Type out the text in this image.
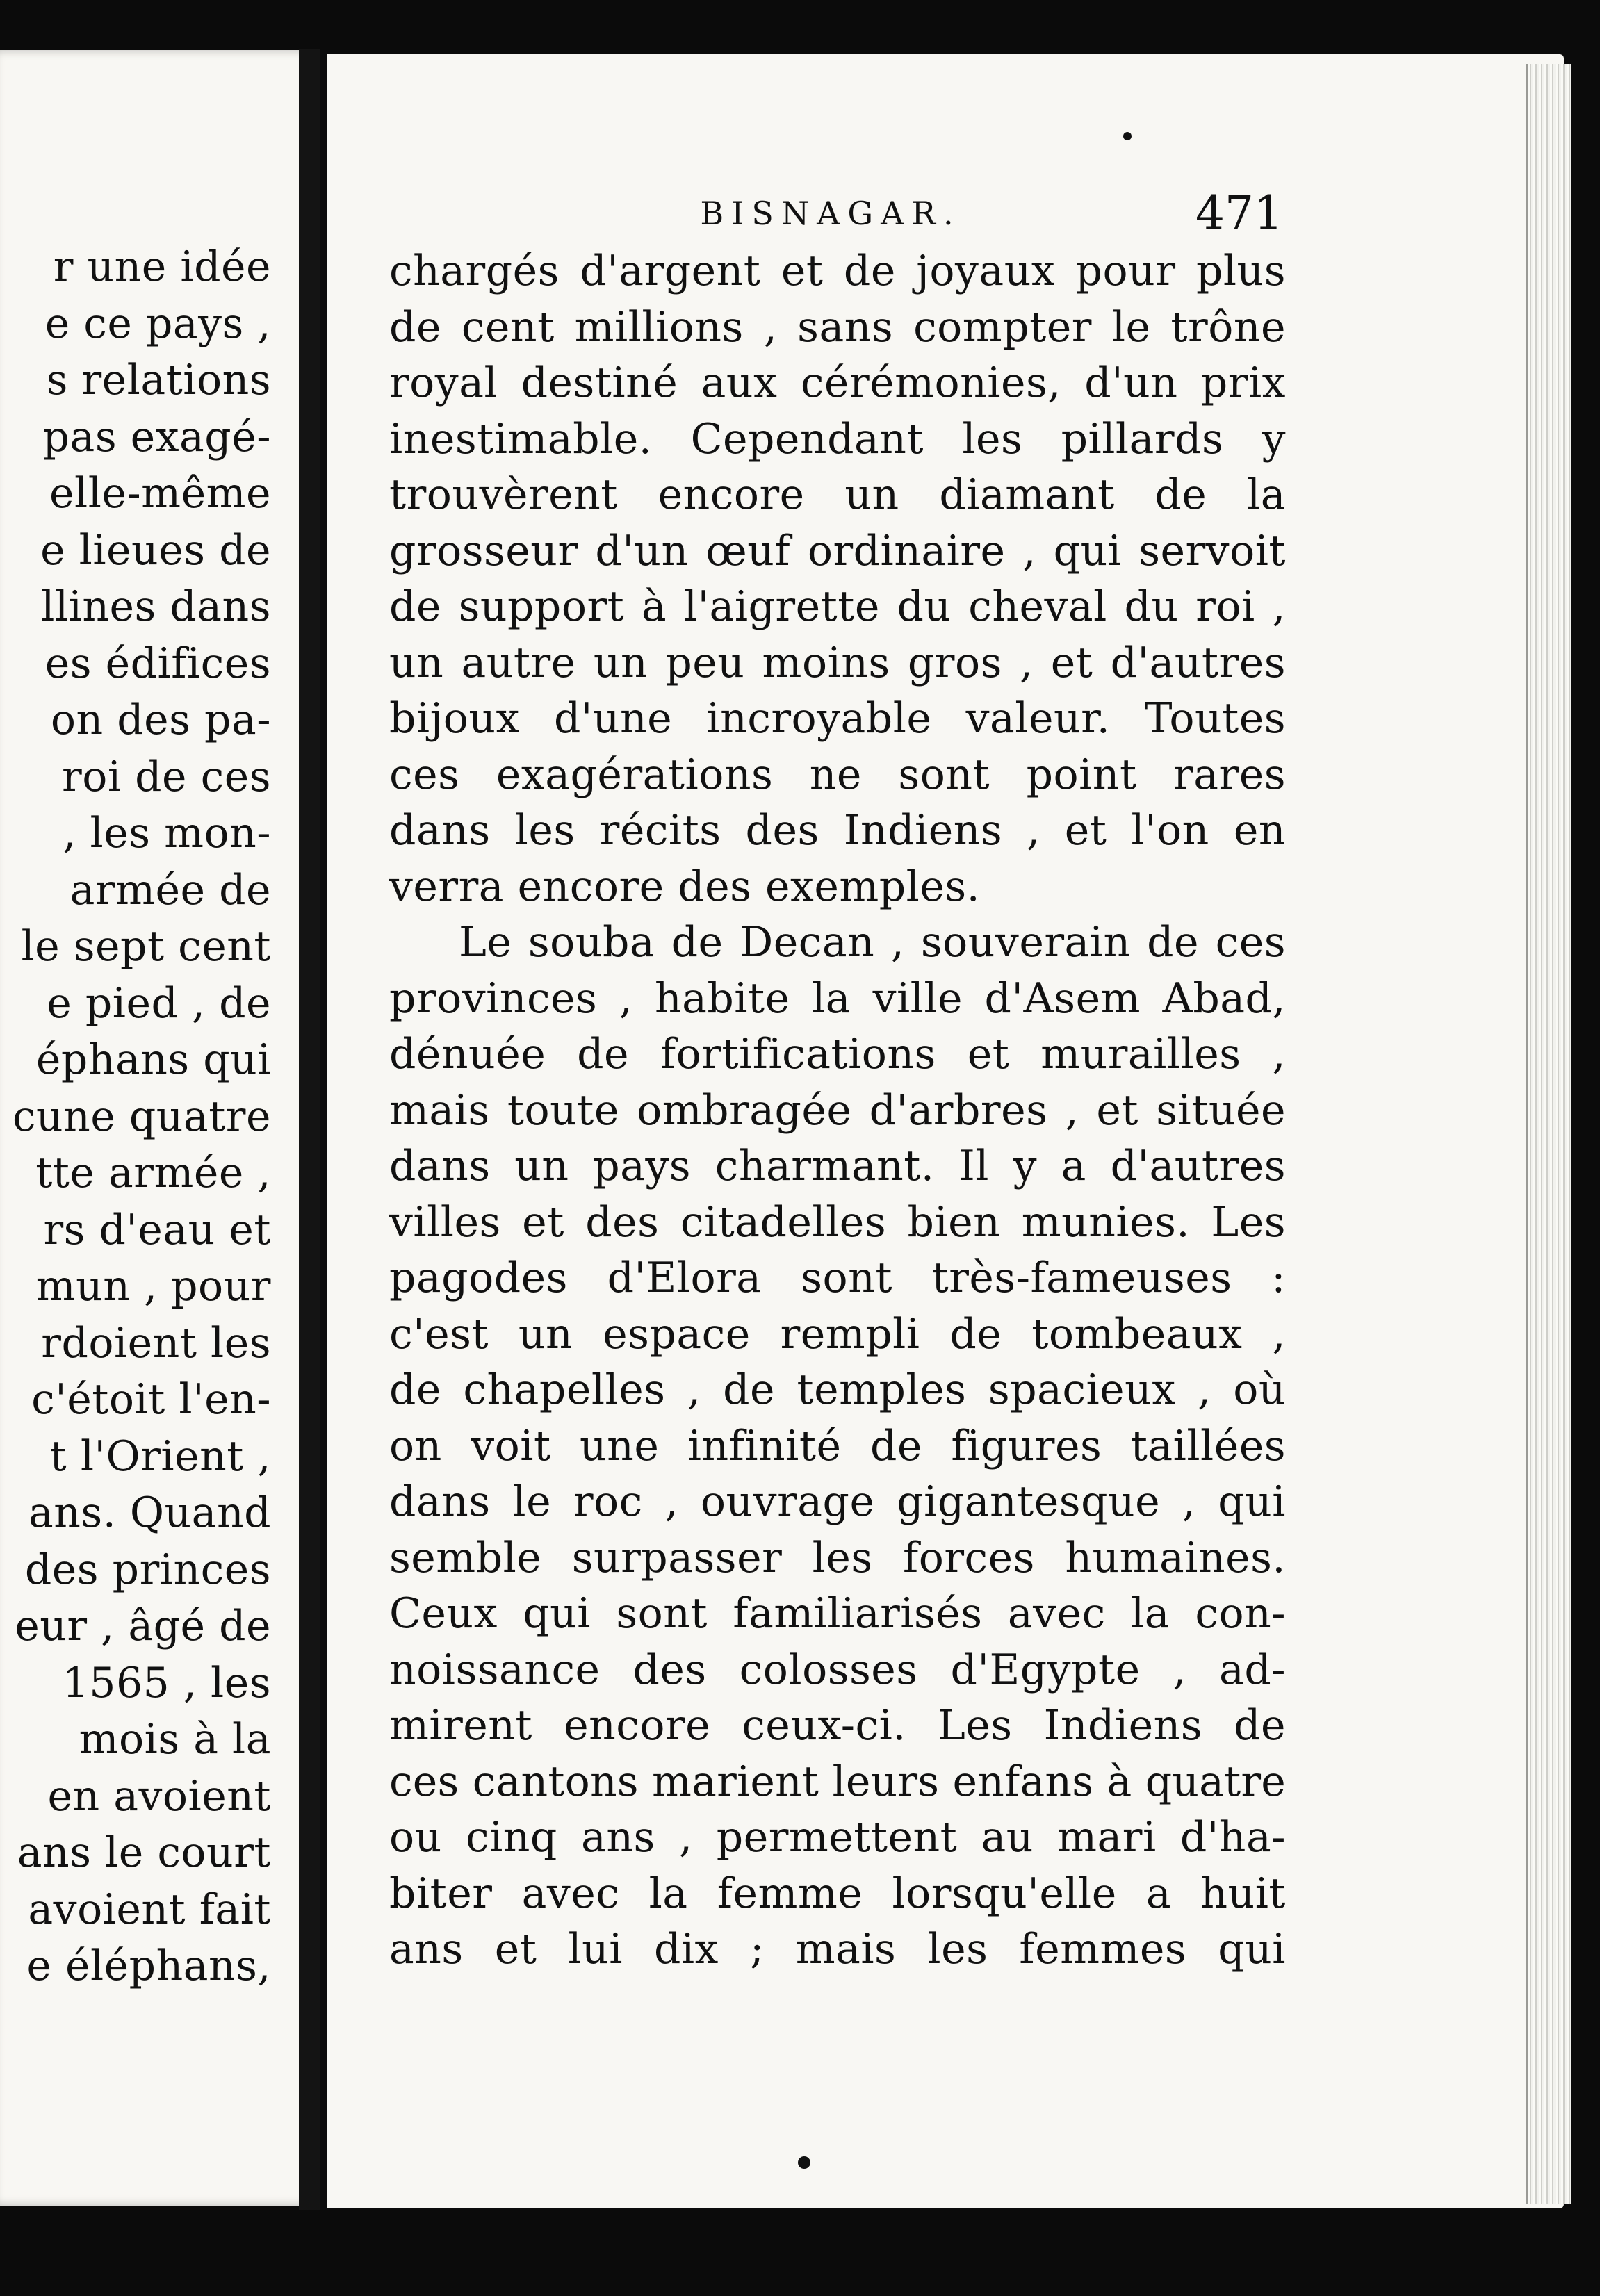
r une idée
e ce pays ,
s relations
pas exagé-
elle-même
e lieues de
llines dans
es édifices
on des pa-
roi de ces
, les mon-
armée de
le sept cent
e pied , de
éphans qui
cune quatre
tte armée ,
rs d'eau et
mun , pour
rdoient les
c'étoit l'en-
t l'Orient ,
ans. Quand
des princes
eur , âgé de
1565 , les
mois à la
en avoient
ans le court
avoient fait
e éléphans,
BISNAGAR.	471
chargés d'argent et de joyaux pour plus
de cent millions , sans compter le trône
royal destiné aux cérémonies, d'un prix
inestimable. Cependant les pillards y
trouvèrent encore un diamant de la
grosseur d'un œuf ordinaire , qui servoit
de support à l'aigrette du cheval du roi ,
un autre un peu moins gros , et d'autres
bijoux d'une incroyable valeur. Toutes
ces exagérations ne sont point rares
dans les récits des Indiens , et l'on en
verra encore des exemples.
Le souba de Decan , souverain de ces
provinces , habite la ville d'Asem Abad,
dénuée de fortifications et murailles ,
mais toute ombragée d'arbres , et située
dans un pays charmant. Il y a d'autres
villes et des citadelles bien munies. Les
pagodes d'Elora sont très-fameuses :
c'est un espace rempli de tombeaux ,
de chapelles , de temples spacieux , où
on voit une infinité de figures taillées
dans le roc , ouvrage gigantesque , qui
semble surpasser les forces humaines.
Ceux qui sont familiarisés avec la con-
noissance des colosses d'Egypte , ad-
mirent encore ceux-ci. Les Indiens de
ces cantons marient leurs enfans à quatre
ou cinq ans , permettent au mari d'ha-
biter avec la femme lorsqu'elle a huit
ans et lui dix ; mais les femmes qui
